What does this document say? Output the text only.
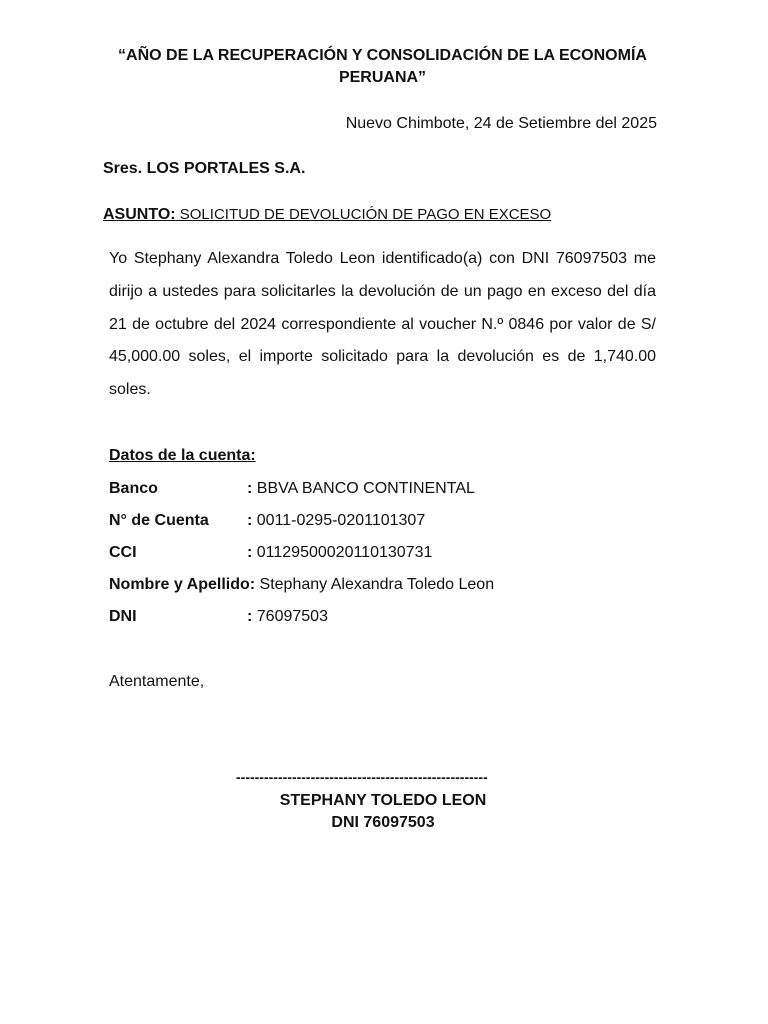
“AÑO DE LA RECUPERACIÓN Y CONSOLIDACIÓN DE LA ECONOMÍA
PERUANA”
Nuevo Chimbote, 24 de Setiembre del 2025
Sres. LOS PORTALES S.A.
ASUNTO: SOLICITUD DE DEVOLUCIÓN DE PAGO EN EXCESO
Yo Stephany Alexandra Toledo Leon identificado(a) con DNI 76097503 me dirijo a ustedes para solicitarles la devolución de un pago en exceso del día 21 de octubre del 2024 correspondiente al voucher N.º 0846 por valor de S/ 45,000.00 soles, el importe solicitado para la devolución es de 1,740.00 soles.
Datos de la cuenta:
Banco	: BBVA BANCO CONTINENTAL
N° de Cuenta : 0011-0295-0201101307
CCI	: 01129500020110130731
Nombre y Apellido: Stephany Alexandra Toledo Leon
DNI	: 76097503
Atentamente,
------------------------------------------------------
STEPHANY TOLEDO LEON
DNI 76097503
